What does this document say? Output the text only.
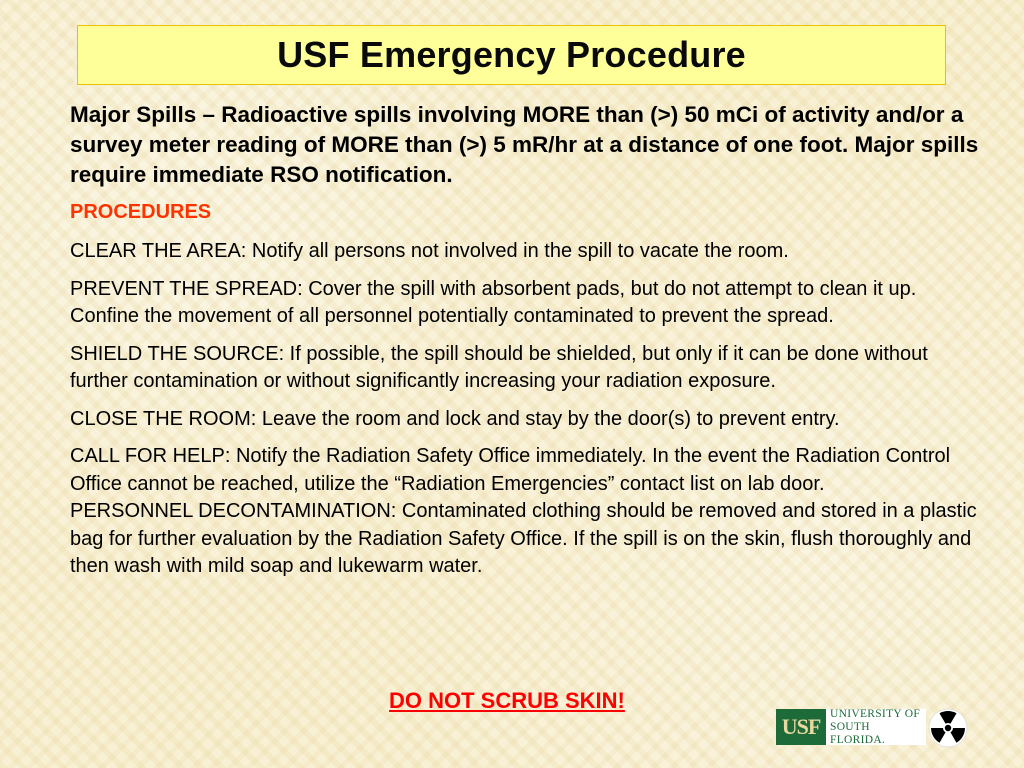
USF Emergency Procedure

Major Spills – Radioactive spills involving MORE than (>) 50 mCi of activity and/or a survey meter reading of MORE than (>) 5 mR/hr at a distance of one foot. Major spills require immediate RSO notification.

PROCEDURES

CLEAR THE AREA: Notify all persons not involved in the spill to vacate the room.

PREVENT THE SPREAD: Cover the spill with absorbent pads, but do not attempt to clean it up. Confine the movement of all personnel potentially contaminated to prevent the spread.

SHIELD THE SOURCE: If possible, the spill should be shielded, but only if it can be done without further contamination or without significantly increasing your radiation exposure.

CLOSE THE ROOM: Leave the room and lock and stay by the door(s) to prevent entry.

CALL FOR HELP: Notify the Radiation Safety Office immediately. In the event the Radiation Control Office cannot be reached, utilize the “Radiation Emergencies” contact list on lab door.

PERSONNEL DECONTAMINATION: Contaminated clothing should be removed and stored in a plastic bag for further evaluation by the Radiation Safety Office. If the spill is on the skin, flush thoroughly and then wash with mild soap and lukewarm water.

DO NOT SCRUB SKIN!
USF
UNIVERSITY OF
SOUTH FLORIDA.
